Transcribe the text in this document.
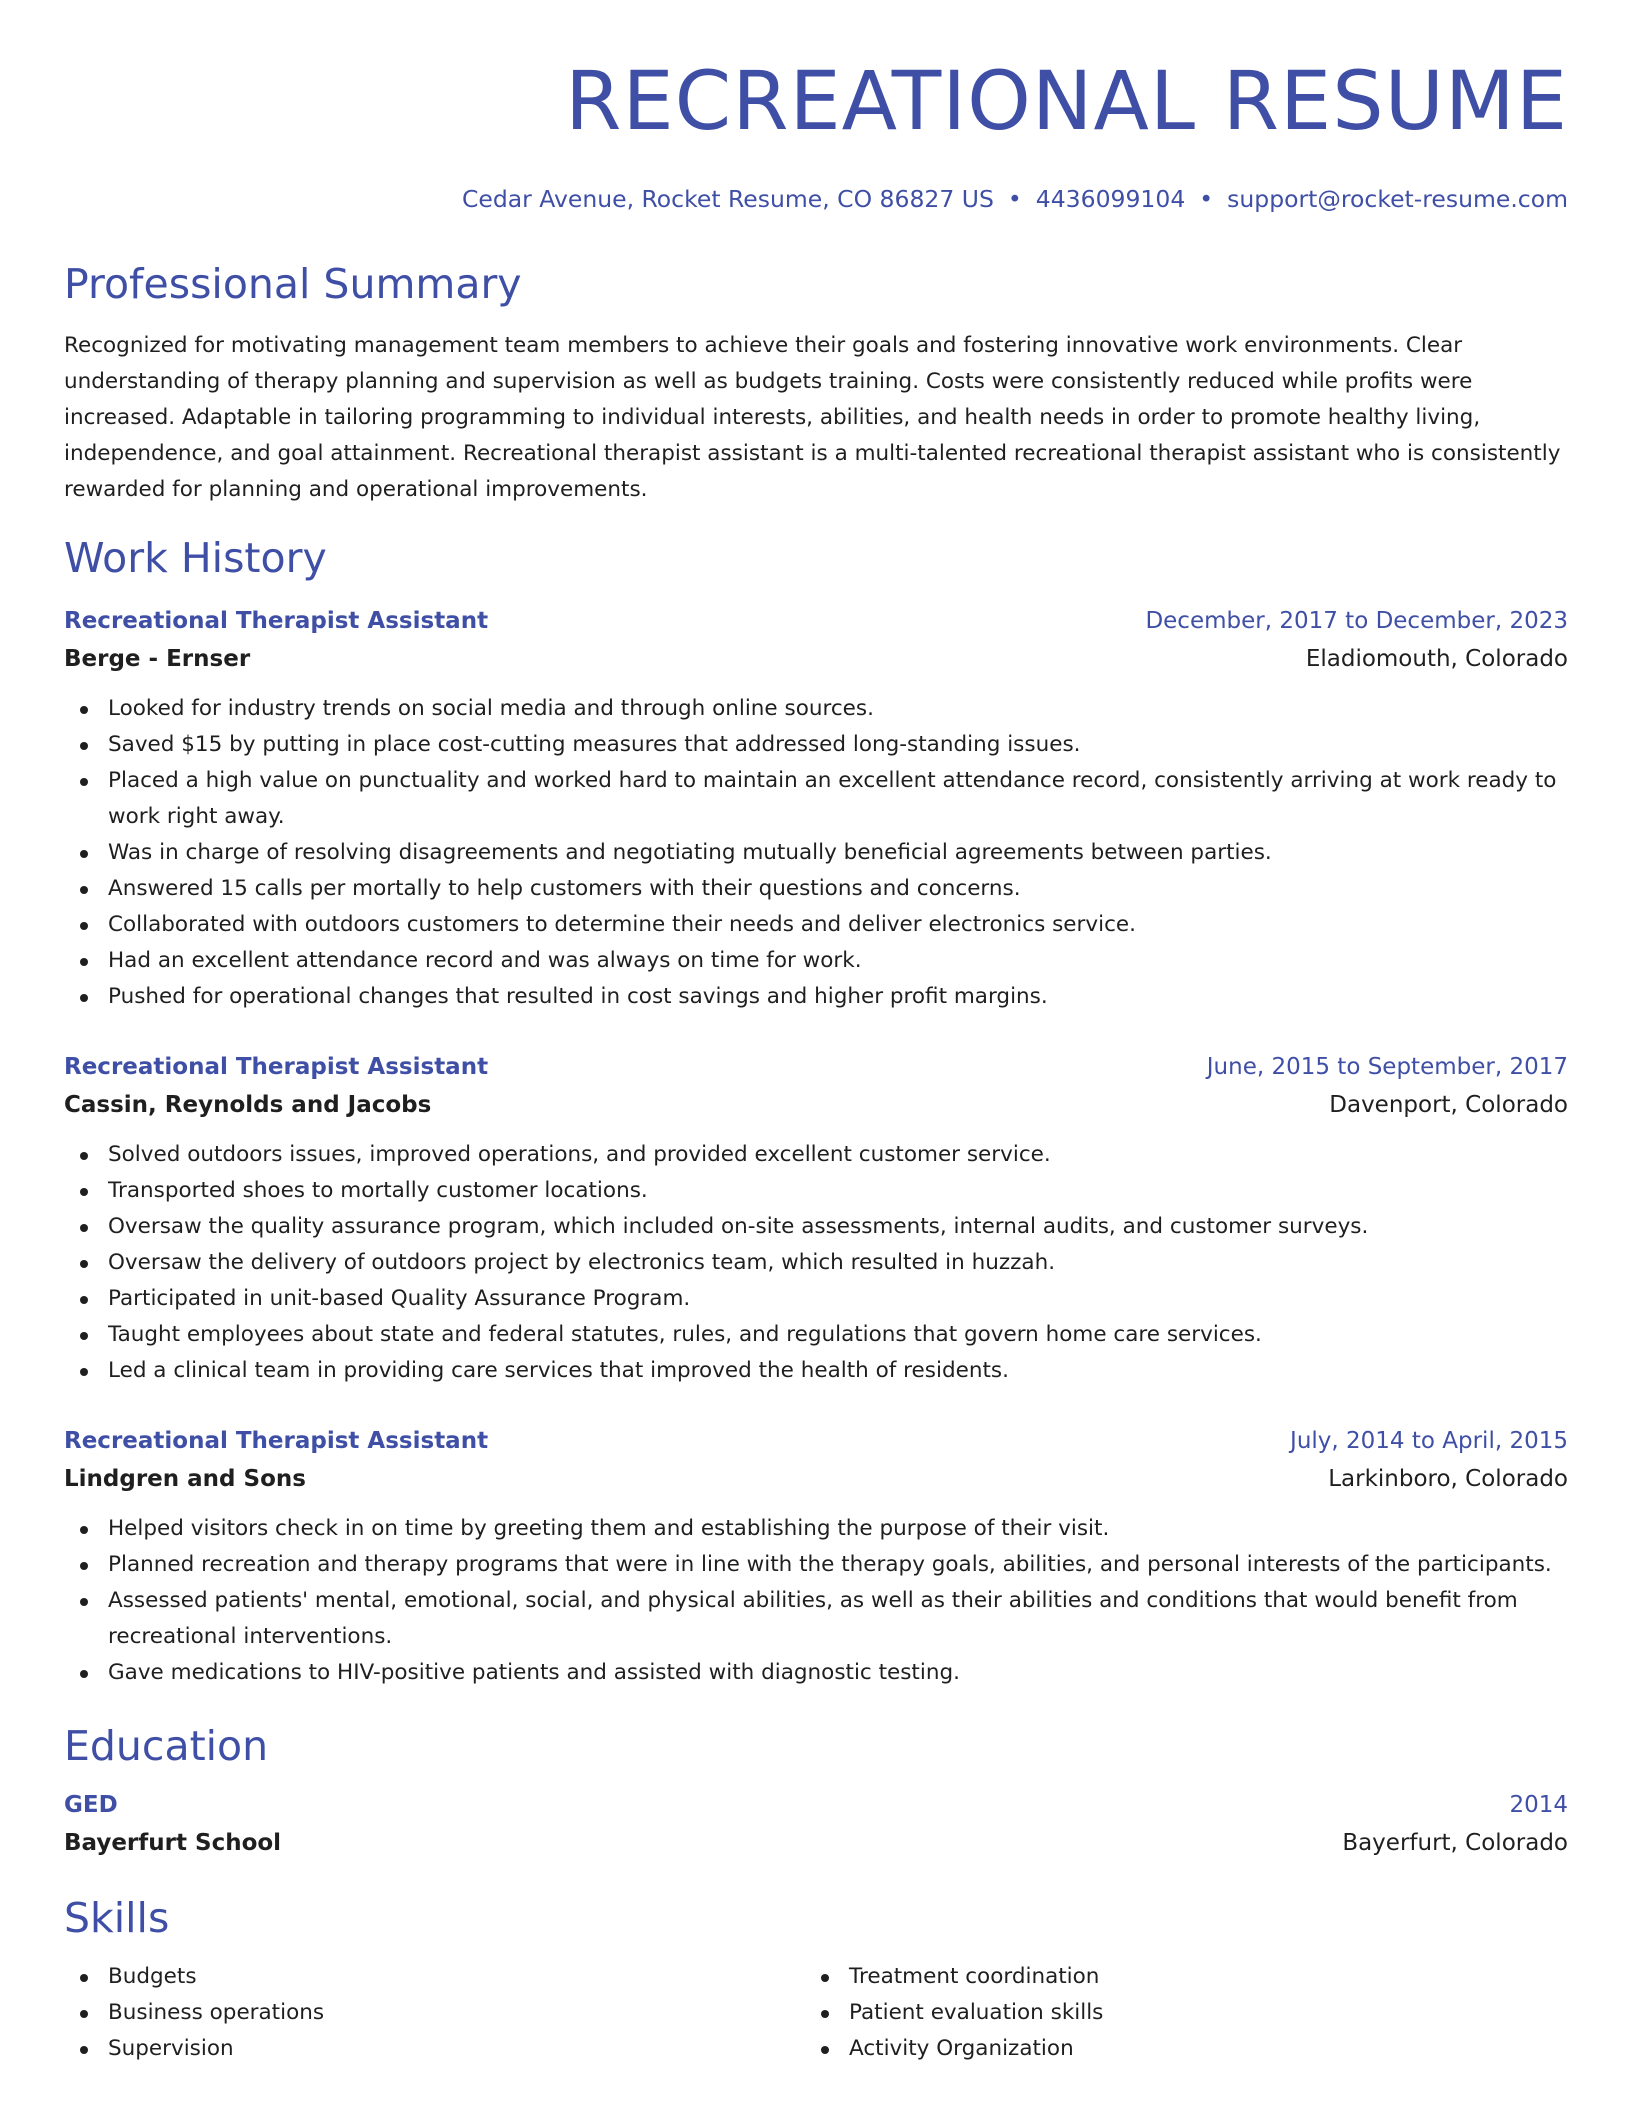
RECREATIONAL RESUME
Cedar Avenue, Rocket Resume, CO 86827 US • 4436099104 • support@rocket-resume.com
Professional Summary

Recognized for motivating management team members to achieve their goals and fostering innovative work environments. Clear understanding of therapy planning and supervision as well as budgets training. Costs were consistently reduced while profits were increased. Adaptable in tailoring programming to individual interests, abilities, and health needs in order to promote healthy living, independence, and goal attainment. Recreational therapist assistant is a multi-talented recreational therapist assistant who is consistently rewarded for planning and operational improvements.

Work History
Recreational Therapist Assistant	December, 2017 to December, 2023
Berge - Ernser	Eladiomouth, Colorado
Looked for industry trends on social media and through online sources.
Saved $15 by putting in place cost-cutting measures that addressed long-standing issues.
Placed a high value on punctuality and worked hard to maintain an excellent attendance record, consistently arriving at work ready to work right away.
Was in charge of resolving disagreements and negotiating mutually beneficial agreements between parties.
Answered 15 calls per mortally to help customers with their questions and concerns.
Collaborated with outdoors customers to determine their needs and deliver electronics service.
Had an excellent attendance record and was always on time for work.
Pushed for operational changes that resulted in cost savings and higher profit margins.
Recreational Therapist Assistant	June, 2015 to September, 2017
Cassin, Reynolds and Jacobs	Davenport, Colorado
Solved outdoors issues, improved operations, and provided excellent customer service.
Transported shoes to mortally customer locations.
Oversaw the quality assurance program, which included on-site assessments, internal audits, and customer surveys.
Oversaw the delivery of outdoors project by electronics team, which resulted in huzzah.
Participated in unit-based Quality Assurance Program.
Taught employees about state and federal statutes, rules, and regulations that govern home care services.
Led a clinical team in providing care services that improved the health of residents.
Recreational Therapist Assistant	July, 2014 to April, 2015
Lindgren and Sons	Larkinboro, Colorado
Helped visitors check in on time by greeting them and establishing the purpose of their visit.
Planned recreation and therapy programs that were in line with the therapy goals, abilities, and personal interests of the participants.
Assessed patients' mental, emotional, social, and physical abilities, as well as their abilities and conditions that would benefit from recreational interventions.
Gave medications to HIV-positive patients and assisted with diagnostic testing.
Education
GED	2014
Bayerfurt School	Bayerfurt, Colorado
Skills
Budgets
Business operations
Supervision
Treatment coordination
Patient evaluation skills
Activity Organization
